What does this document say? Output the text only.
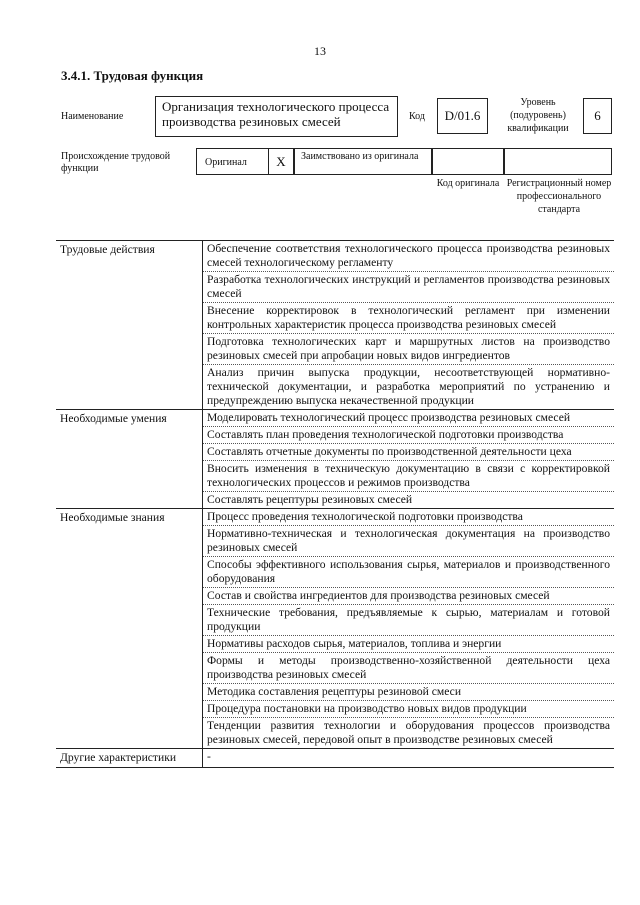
13
3.4.1. Трудовая функция
Наименование
Организация технологического процесса производства резиновых смесей	Код	D/01.6
Уровень (подуровень) квалификации
6
Происхождение трудовой функции
Оригинал	X	Заимствовано из оригинала
Код оригинала Регистрационный номер профессионального стандарта
Трудовые действия	Обеспечение соответствия технологического процесса производства резиновых смесей технологическому регламенту
Разработка технологических инструкций и регламентов производства резиновых смесей
Внесение корректировок в технологический регламент при изменении контрольных характеристик процесса производства резиновых смесей
Подготовка технологических карт и маршрутных листов на производство резиновых смесей при апробации новых видов ингредиентов
Анализ причин выпуска продукции, несоответствующей нормативно-технической документации, и разработка мероприятий по устранению и предупреждению выпуска некачественной продукции
Необходимые умения	Моделировать технологический процесс производства резиновых смесей
Составлять план проведения технологической подготовки производства
Составлять отчетные документы по производственной деятельности цеха
Вносить изменения в техническую документацию в связи с корректировкой технологических процессов и режимов производства
Составлять рецептуры резиновых смесей
Необходимые знания	Процесс проведения технологической подготовки производства
Нормативно-техническая и технологическая документация на производство резиновых смесей
Способы эффективного использования сырья, материалов и производственного оборудования
Состав и свойства ингредиентов для производства резиновых смесей
Технические требования, предъявляемые к сырью, материалам и готовой продукции
Нормативы расходов сырья, материалов, топлива и энергии
Формы и методы производственно-хозяйственной деятельности цеха производства резиновых смесей
Методика составления рецептуры резиновой смеси
Процедура постановки на производство новых видов продукции
Тенденции развития технологии и оборудования процессов производства резиновых смесей, передовой опыт в производстве резиновых смесей
Другие характеристики	-
